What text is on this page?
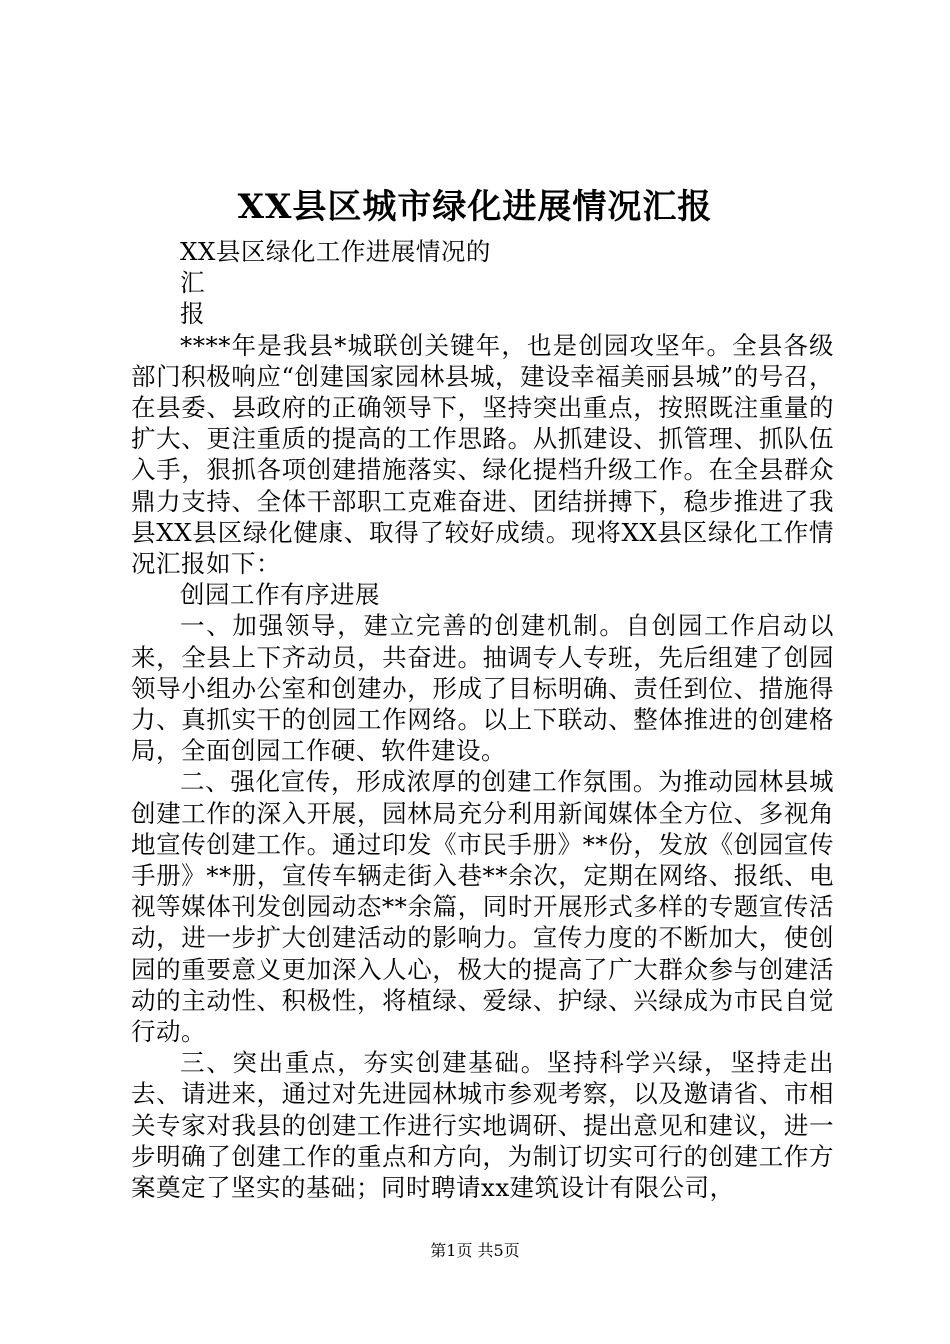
XX县区城市绿化进展情况汇报

XX县区绿化工作进展情况的

汇

报

****年是我县*城联创关键年，也是创园攻坚年。全县各级部门积极响应“创建国家园林县城，建设幸福美丽县城”的号召，在县委、县政府的正确领导下，坚持突出重点，按照既注重量的扩大、更注重质的提高的工作思路。从抓建设、抓管理、抓队伍入手，狠抓各项创建措施落实、绿化提档升级工作。在全县群众鼎力支持、全体干部职工克难奋进、团结拼搏下，稳步推进了我县XX县区绿化健康、取得了较好成绩。现将XX县区绿化工作情况汇报如下：

创园工作有序进展

一、加强领导，建立完善的创建机制。自创园工作启动以来，全县上下齐动员，共奋进。抽调专人专班，先后组建了创园领导小组办公室和创建办，形成了目标明确、责任到位、措施得力、真抓实干的创园工作网络。以上下联动、整体推进的创建格局，全面创园工作硬、软件建设。

二、强化宣传，形成浓厚的创建工作氛围。为推动园林县城创建工作的深入开展，园林局充分利用新闻媒体全方位、多视角地宣传创建工作。通过印发《市民手册》**份，发放《创园宣传手册》**册，宣传车辆走街入巷**余次，定期在网络、报纸、电视等媒体刊发创园动态**余篇，同时开展形式多样的专题宣传活动，进一步扩大创建活动的影响力。宣传力度的不断加大，使创园的重要意义更加深入人心，极大的提高了广大群众参与创建活动的主动性、积极性，将植绿、爱绿、护绿、兴绿成为市民自觉行动。

三、突出重点，夯实创建基础。坚持科学兴绿，坚持走出去、请进来，通过对先进园林城市参观考察，以及邀请省、市相关专家对我县的创建工作进行实地调研、提出意见和建议，进一步明确了创建工作的重点和方向，为制订切实可行的创建工作方案奠定了坚实的基础；同时聘请xx建筑设计有限公司，

第1页 共5页
